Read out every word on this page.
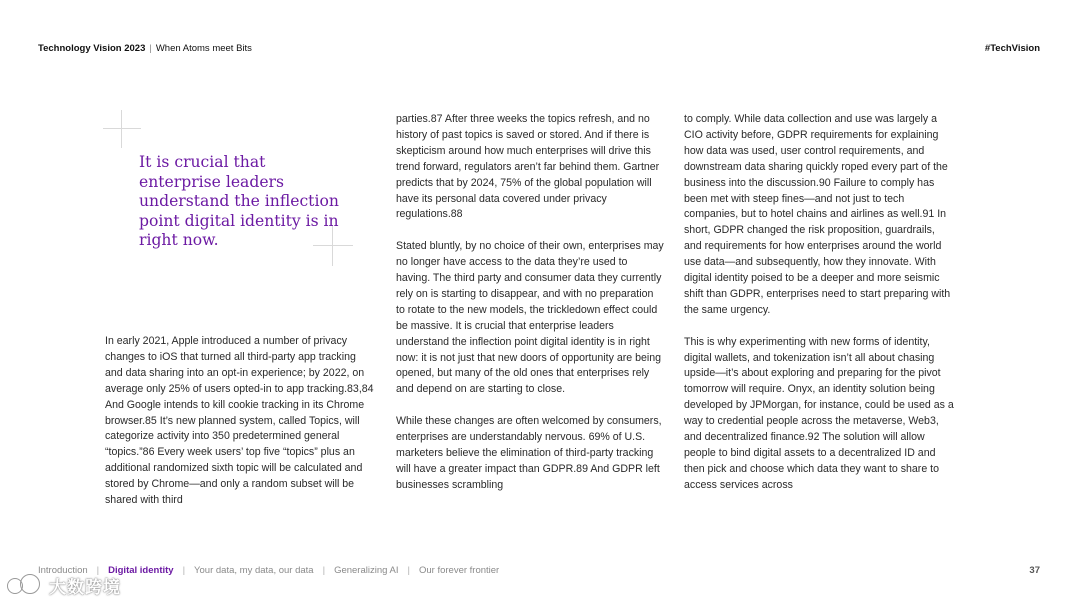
Technology Vision 2023 | When Atoms meet Bits	#TechVision
It is crucial that enterprise leaders understand the inflection point digital identity is in right now.

In early 2021, Apple introduced a number of privacy changes to iOS that turned all third-party app tracking and data sharing into an opt-in experience; by 2022, on average only 25% of users opted-in to app tracking.83,84 And Google intends to kill cookie tracking in its Chrome browser.85 It’s new planned system, called Topics, will categorize activity into 350 predetermined general “topics.”86 Every week users’ top five “topics” plus an additional randomized sixth topic will be calculated and stored by Chrome—and only a random subset will be shared with third

parties.87 After three weeks the topics refresh, and no history of past topics is saved or stored. And if there is skepticism around how much enterprises will drive this trend forward, regulators aren’t far behind them. Gartner predicts that by 2024, 75% of the global population will have its personal data covered under privacy regulations.88

Stated bluntly, by no choice of their own, enterprises may no longer have access to the data they’re used to having. The third party and consumer data they currently rely on is starting to disappear, and with no preparation to rotate to the new models, the trickledown effect could be massive. It is crucial that enterprise leaders understand the inflection point digital identity is in right now: it is not just that new doors of opportunity are being opened, but many of the old ones that enterprises rely and depend on are starting to close.

While these changes are often welcomed by consumers, enterprises are understandably nervous. 69% of U.S. marketers believe the elimination of third-party tracking will have a greater impact than GDPR.89 And GDPR left businesses scrambling

to comply. While data collection and use was largely a CIO activity before, GDPR requirements for explaining how data was used, user control requirements, and downstream data sharing quickly roped every part of the business into the discussion.90 Failure to comply has been met with steep fines—and not just to tech companies, but to hotel chains and airlines as well.91 In short, GDPR changed the risk proposition, guardrails, and requirements for how enterprises around the world use data—and subsequently, how they innovate. With digital identity poised to be a deeper and more seismic shift than GDPR, enterprises need to start preparing with the same urgency.

This is why experimenting with new forms of identity, digital wallets, and tokenization isn’t all about chasing upside—it’s about exploring and preparing for the pivot tomorrow will require. Onyx, an identity solution being developed by JPMorgan, for instance, could be used as a way to credential people across the metaverse, Web3, and decentralized finance.92 The solution will allow people to bind digital assets to a decentralized ID and then pick and choose which data they want to share to access services across

Introduction | Digital identity | Your data, my data, our data | Generalizing AI | Our forever frontier	37
大数跨境
